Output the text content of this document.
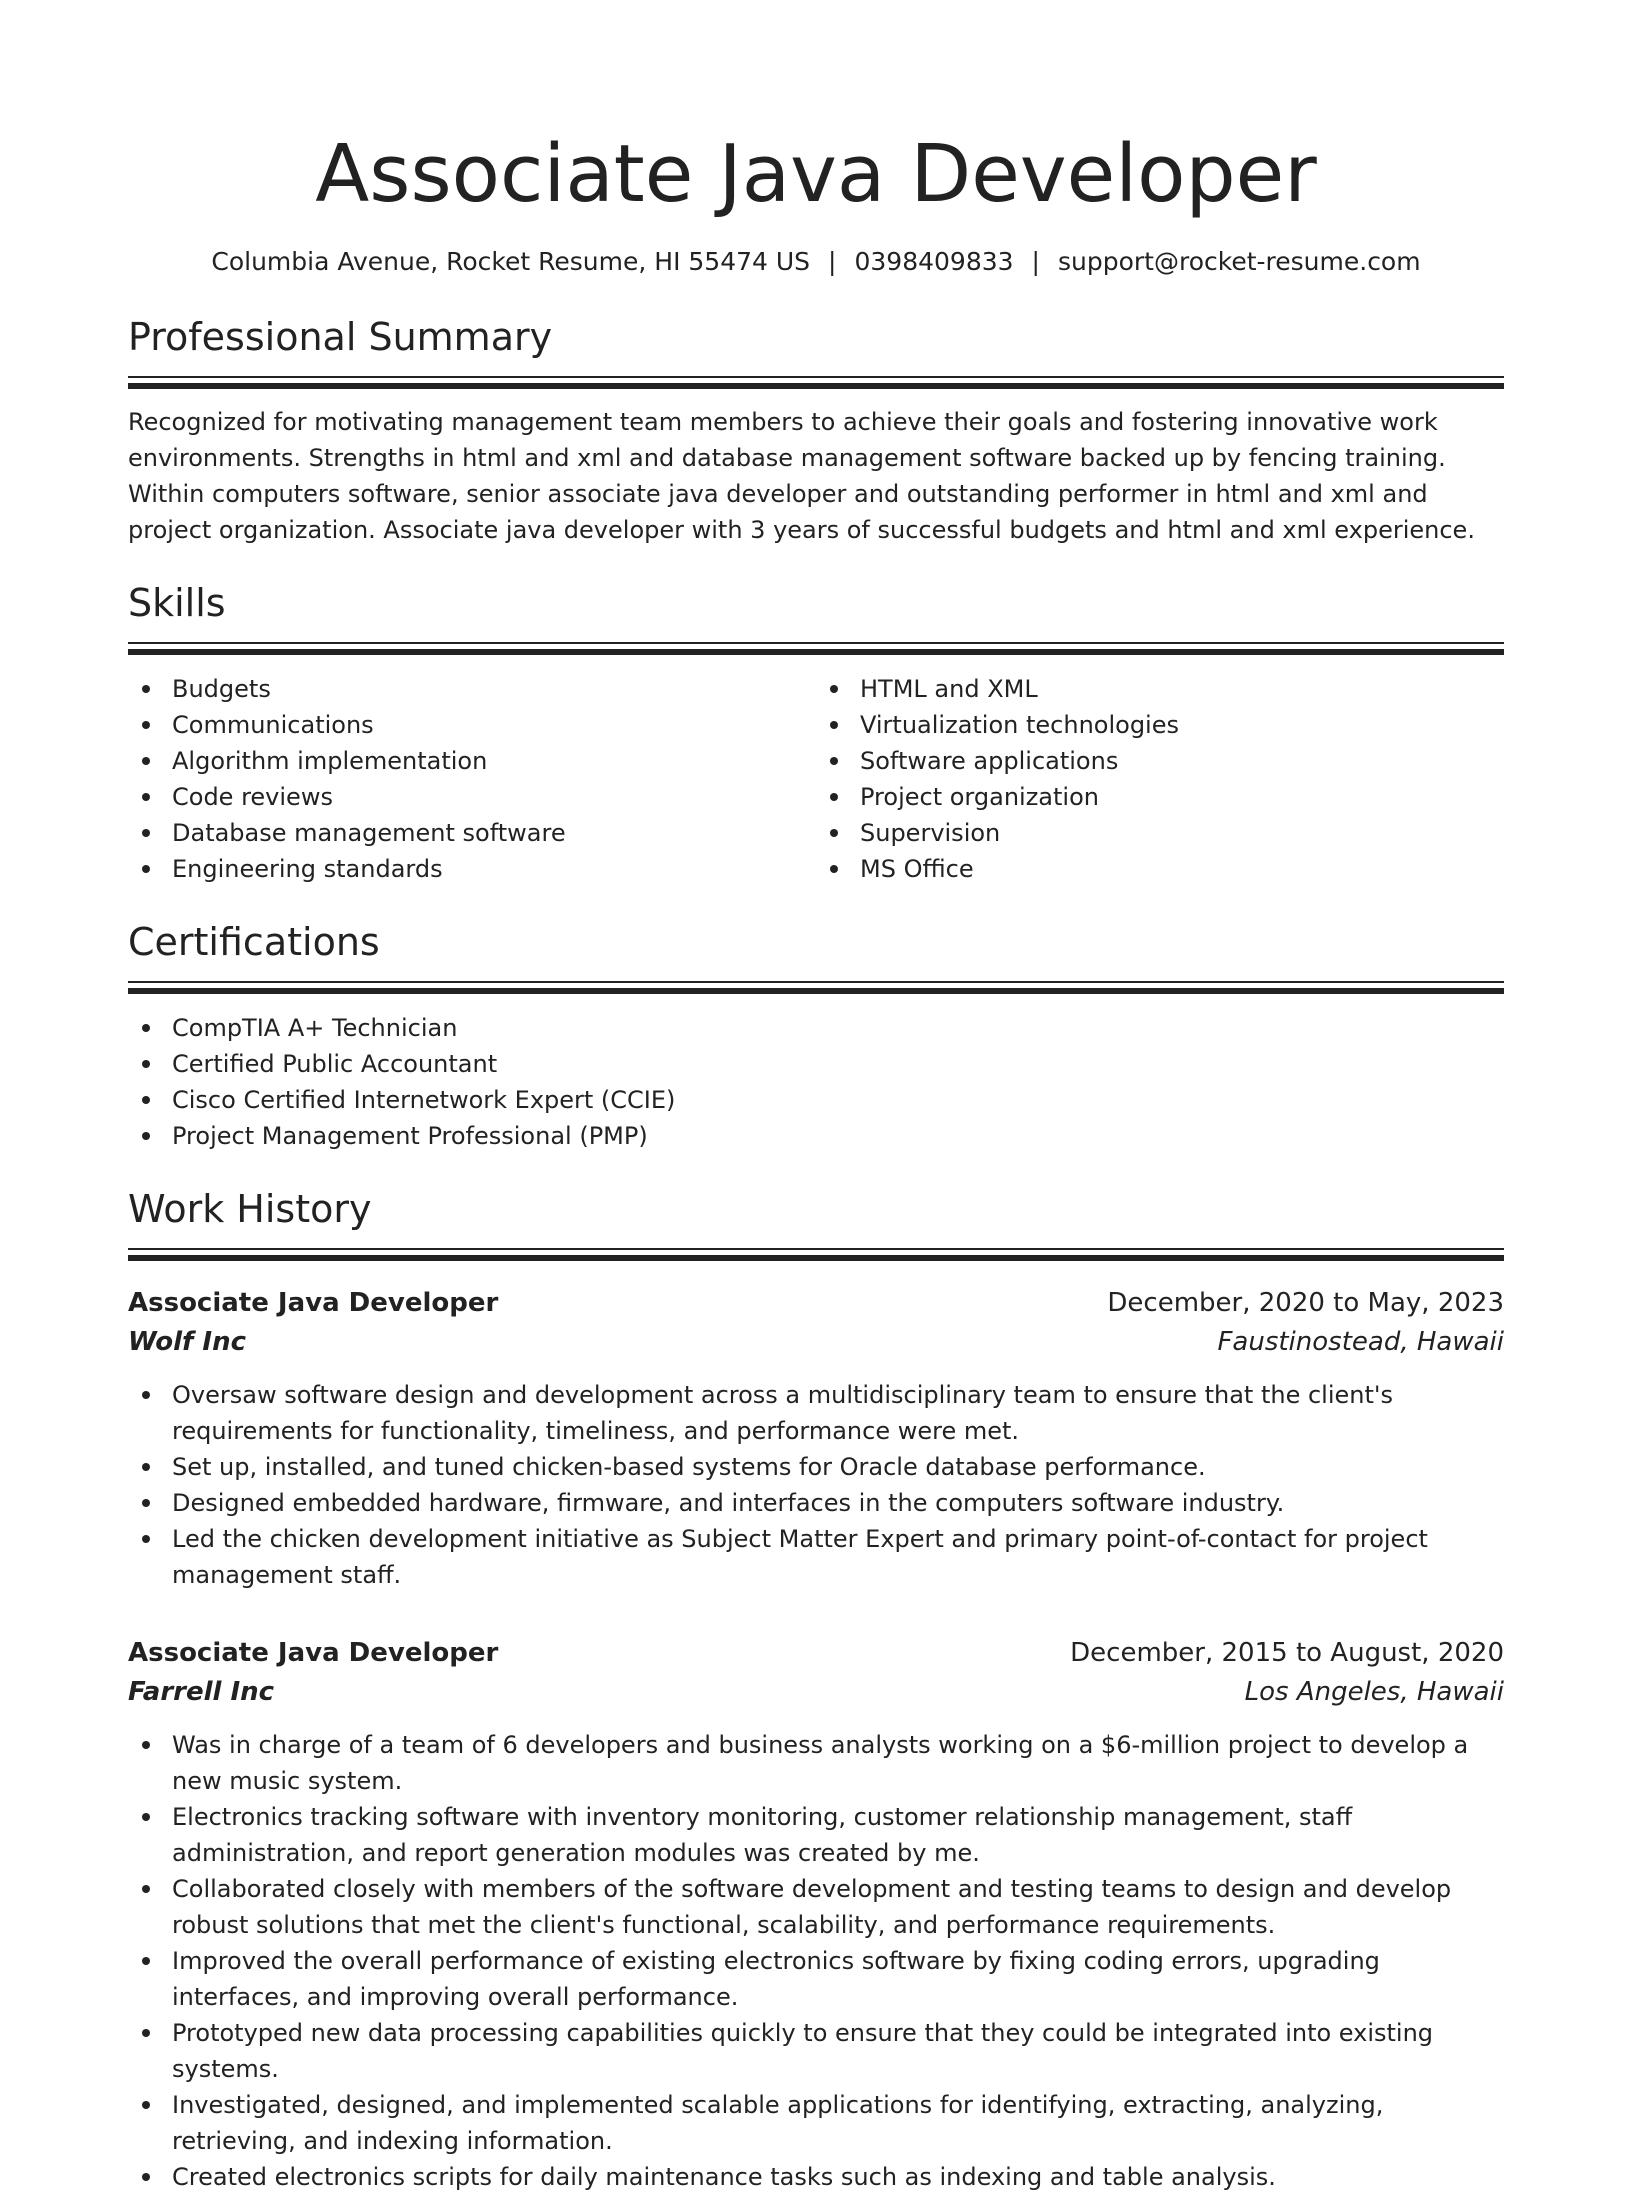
Associate Java Developer
Columbia Avenue, Rocket Resume, HI 55474 US | 0398409833 | support@rocket-resume.com
Professional Summary

Recognized for motivating management team members to achieve their goals and fostering innovative work environments. Strengths in html and xml and database management software backed up by fencing training. Within computers software, senior associate java developer and outstanding performer in html and xml and project organization. Associate java developer with 3 years of successful budgets and html and xml experience.

Skills
Budgets
Communications
Algorithm implementation
Code reviews
Database management software
Engineering standards
HTML and XML
Virtualization technologies
Software applications
Project organization
Supervision
MS Office
Certifications
CompTIA A+ Technician
Certified Public Accountant
Cisco Certified Internetwork Expert (CCIE)
Project Management Professional (PMP)
Work History
Associate Java Developer	December, 2020 to May, 2023
Wolf Inc	Faustinostead, Hawaii
Oversaw software design and development across a multidisciplinary team to ensure that the client's requirements for functionality, timeliness, and performance were met.
Set up, installed, and tuned chicken-based systems for Oracle database performance.
Designed embedded hardware, firmware, and interfaces in the computers software industry.
Led the chicken development initiative as Subject Matter Expert and primary point-of-contact for project management staff.
Associate Java Developer	December, 2015 to August, 2020
Farrell Inc	Los Angeles, Hawaii
Was in charge of a team of 6 developers and business analysts working on a $6-million project to develop a new music system.
Electronics tracking software with inventory monitoring, customer relationship management, staff administration, and report generation modules was created by me.
Collaborated closely with members of the software development and testing teams to design and develop robust solutions that met the client's functional, scalability, and performance requirements.
Improved the overall performance of existing electronics software by fixing coding errors, upgrading interfaces, and improving overall performance.
Prototyped new data processing capabilities quickly to ensure that they could be integrated into existing systems.
Investigated, designed, and implemented scalable applications for identifying, extracting, analyzing, retrieving, and indexing information.
Created electronics scripts for daily maintenance tasks such as indexing and table analysis.
